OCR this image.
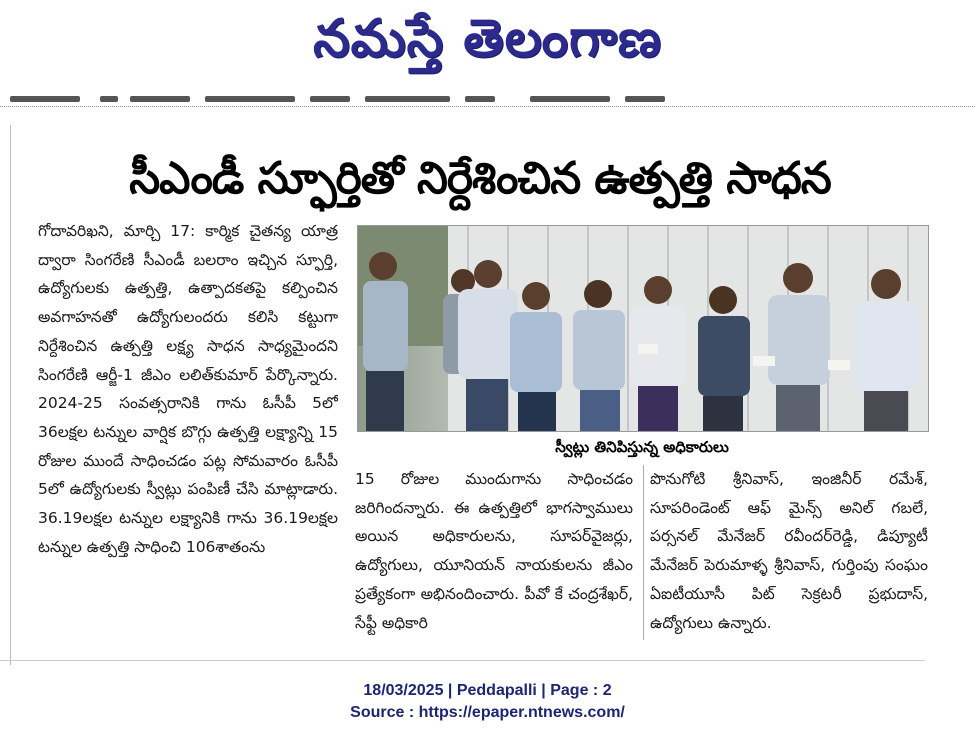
నమస్తే తెలంగాణ
సీఎండీ స్ఫూర్తితో నిర్దేశించిన ఉత్పత్తి సాధన
గోదావరిఖని, మార్చి 17: కార్మిక చైతన్య యాత్ర ద్వారా సింగరేణి సీఎండీ బలరాం ఇచ్చిన స్ఫూర్తి, ఉద్యోగులకు ఉత్పత్తి, ఉత్పాదకతపై కల్పించిన అవగాహనతో ఉద్యోగులందరు కలిసి కట్టుగా నిర్దేశించిన ఉత్పత్తి లక్ష్య సాధన సాధ్యమైందని సింగరేణి ఆర్జీ-1 జీఎం లలిత్‌కుమార్ పేర్కొన్నారు. 2024-25 సంవత్సరానికి గాను ఓసీపీ 5లో 36లక్షల టన్నుల వార్షిక బొగ్గు ఉత్పత్తి లక్ష్యాన్ని 15 రోజుల ముందే సాధించడం పట్ల సోమవారం ఓసీపీ 5లో ఉద్యోగులకు స్వీట్లు పంపిణీ చేసి మాట్లాడారు. 36.19లక్షల టన్నుల లక్ష్యానికి గాను 36.19లక్షల టన్నుల ఉత్పత్తి సాధించి 106శాతంను
స్వీట్లు తినిపిస్తున్న అధికారులు
15 రోజుల ముందుగాను సాధించడం జరిగిందన్నారు. ఈ ఉత్పత్తిలో భాగస్వాములు అయిన అధికారులను, సూపర్‌వైజర్లు, ఉద్యోగులు, యూనియన్ నాయకులను జీఎం ప్రత్యేకంగా అభినందించారు. పీవో కే చంద్రశేఖర్, సేఫ్టీ అధికారి
పొనుగోటి శ్రీనివాస్, ఇంజినీర్ రమేశ్, సూపరిండెంట్ ఆఫ్ మైన్స్ అనిల్ గబలే, పర్సనల్ మేనేజర్ రవీందర్‌రెడ్డి, డిప్యూటీ మేనేజర్ పెరుమాళ్ళ శ్రీనివాస్, గుర్తింపు సంఘం ఏఐటీయూసీ పిట్ సెక్రటరీ ప్రభుదాస్, ఉద్యోగులు ఉన్నారు.
18/03/2025 | Peddapalli | Page : 2
Source : https://epaper.ntnews.com/
